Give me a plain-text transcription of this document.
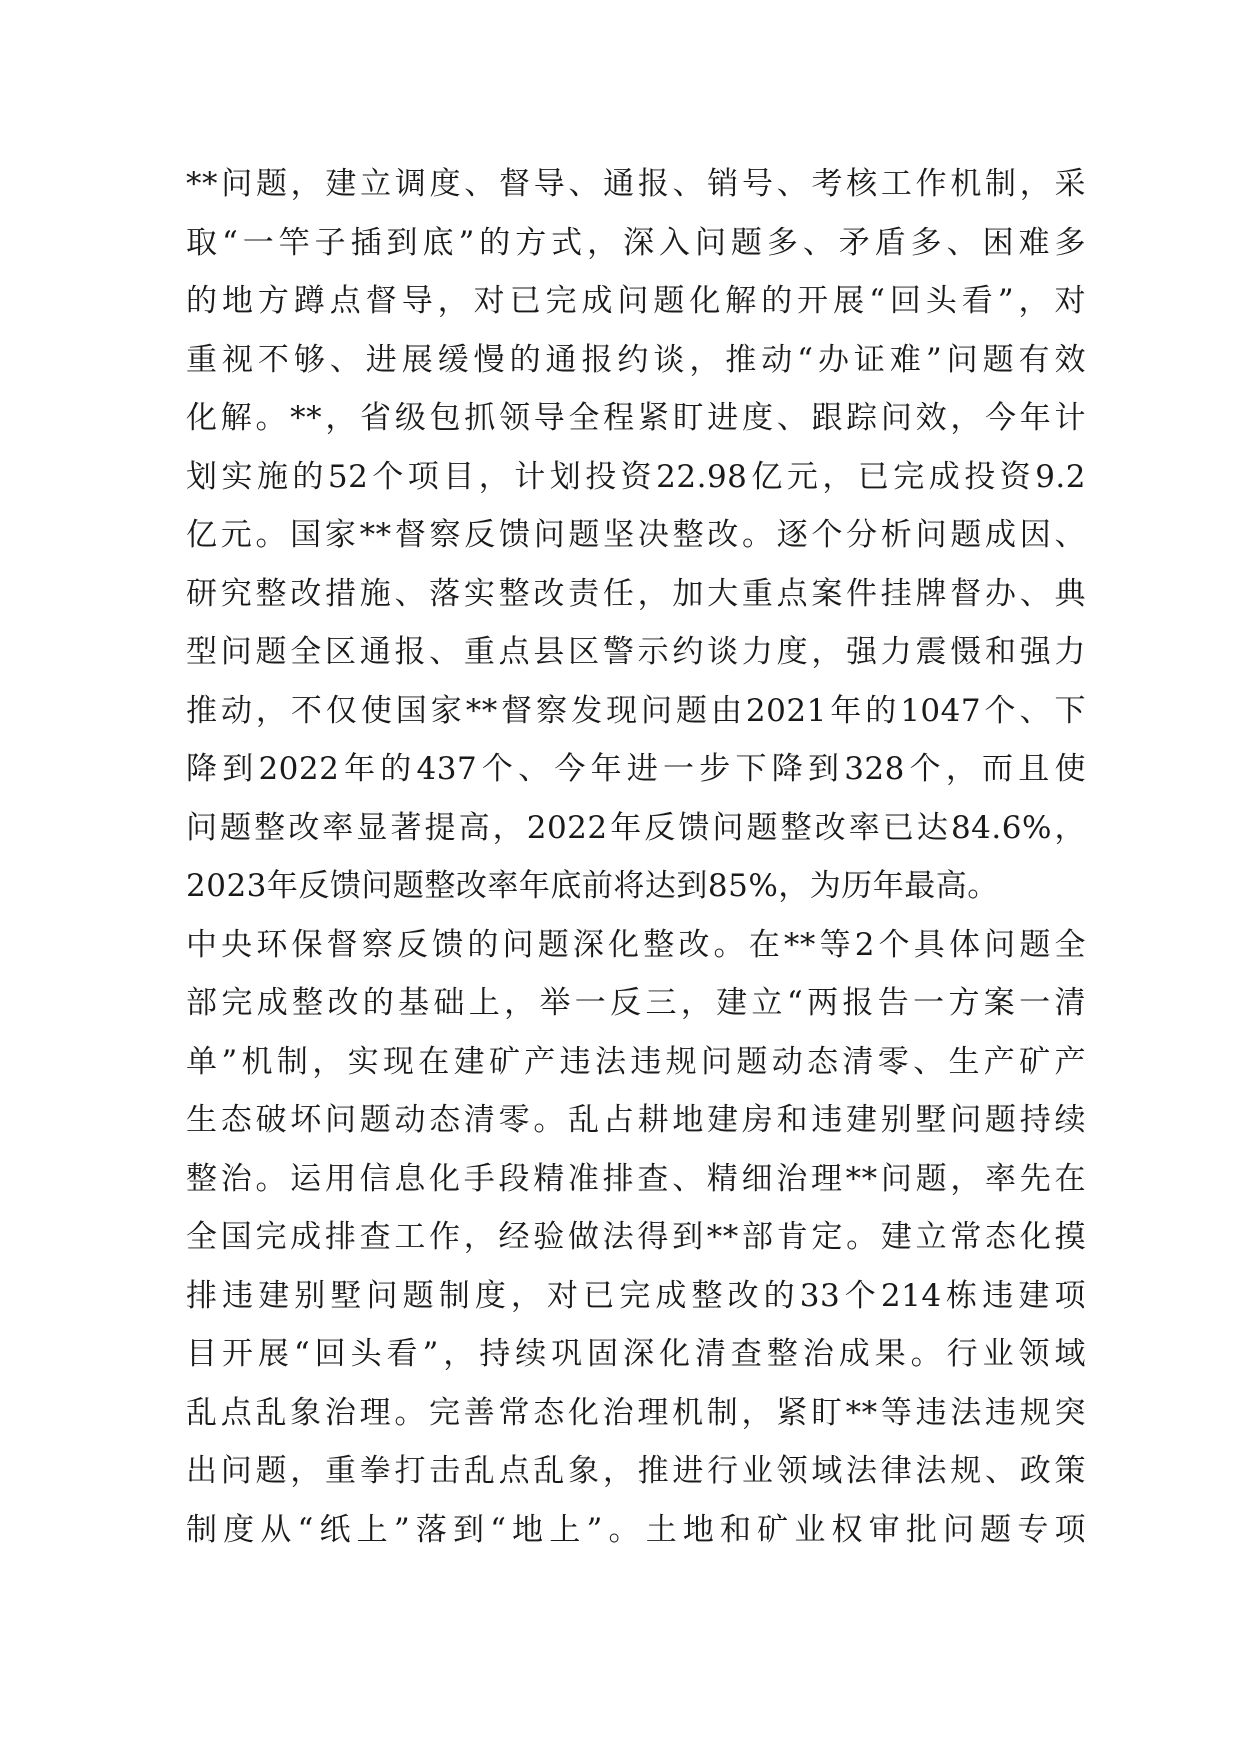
**问题，建立调度、督导、通报、销号、考核工作机制，采
取“一竿子插到底”的方式，深入问题多、矛盾多、困难多
的地方蹲点督导，对已完成问题化解的开展“回头看”，对
重视不够、进展缓慢的通报约谈，推动“办证难”问题有效
化解。**，省级包抓领导全程紧盯进度、跟踪问效，今年计
划实施的52个项目，计划投资22.98亿元，已完成投资9.2
亿元。国家**督察反馈问题坚决整改。逐个分析问题成因、
研究整改措施、落实整改责任，加大重点案件挂牌督办、典
型问题全区通报、重点县区警示约谈力度，强力震慑和强力
推动，不仅使国家**督察发现问题由2021年的1047个、下
降到2022年的437个、今年进一步下降到328个，而且使
问题整改率显著提高，2022年反馈问题整改率已达84.6%，
2023年反馈问题整改率年底前将达到85%，为历年最高。
中央环保督察反馈的问题深化整改。在**等2个具体问题全
部完成整改的基础上，举一反三，建立“两报告一方案一清
单”机制，实现在建矿产违法违规问题动态清零、生产矿产
生态破坏问题动态清零。乱占耕地建房和违建别墅问题持续
整治。运用信息化手段精准排查、精细治理**问题，率先在
全国完成排查工作，经验做法得到**部肯定。建立常态化摸
排违建别墅问题制度，对已完成整改的33个214栋违建项
目开展“回头看”，持续巩固深化清查整治成果。行业领域
乱点乱象治理。完善常态化治理机制，紧盯**等违法违规突
出问题，重拳打击乱点乱象，推进行业领域法律法规、政策
制度从“纸上”落到“地上”。土地和矿业权审批问题专项
